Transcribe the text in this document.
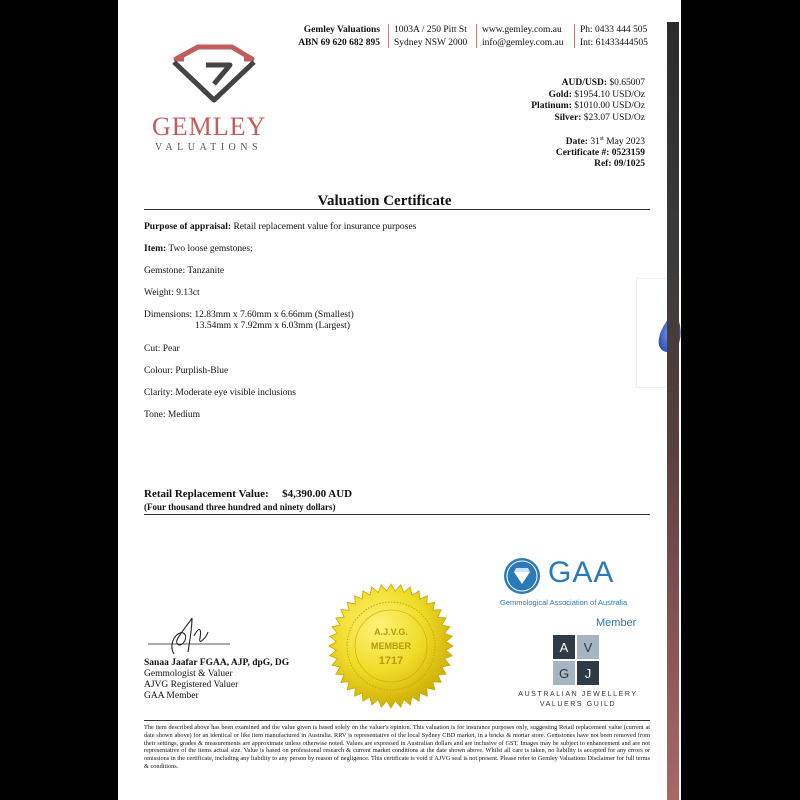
Gemley Valuations
ABN 69 620 682 895
1003A / 250 Pitt St
Sydney NSW 2000
www.gemley.com.au
info@gemley.com.au
Ph: 0433 444 505
Int: 61433444505
GEMLEY
VALUATIONS
AUD/USD: $0.65007
Gold: $1954.10 USD/Oz
Platinum: $1010.00 USD/Oz
Silver: $23.07 USD/Oz
Date: 31st May 2023
Certificate #: 0523159
Ref: 09/1025
Valuation Certificate
Purpose of appraisal: Retail replacement value for insurance purposes
Item: Two loose gemstones;
Gemstone: Tanzanite
Weight: 9.13ct
Dimensions: 12.83mm x 7.60mm x 6.66mm (Smallest)
13.54mm x 7.92mm x 6.03mm (Largest)
Cut: Pear
Colour: Purplish-Blue
Clarity: Moderate eye visible inclusions
Tone: Medium
Retail Replacement Value: $4,390.00 AUD
(Four thousand three hundred and ninety dollars)
Sanaa Jaafar FGAA, AJP, dpG, DG
Gemmologist & Valuer
AJVG Registered Valuer
GAA Member
A.J.V.G.
MEMBER
1717
GAA
Gemmological Association of Australia
Member
A
J
V
G
AUSTRALIAN JEWELLERY
VALUERS GUILD
The item described above has been examined and the value given is based solely on the valuer's opinion. This valuation is for insurance purposes only, suggesting Retail replacement value (current at date shown above) for an identical or like item manufactured in Australia. RRV is representative of the local Sydney CBD market, in a bricks & mortar store. Gemstones have not been removed from their settings, grades & measurements are approximate unless otherwise noted. Values are expressed in Australian dollars and are inclusive of GST. Images may be subject to enhancement and are not representative of the items actual size. Value is based on professional research & current market conditions at the date shown above. Whilst all care is taken, no liability is accepted for any errors or omissions in the certificate, including any liability to any person by reason of negligence. This certificate is void if AJVG seal is not present. Please refer to Gemley Valuations Disclaimer for full terms & conditions.
